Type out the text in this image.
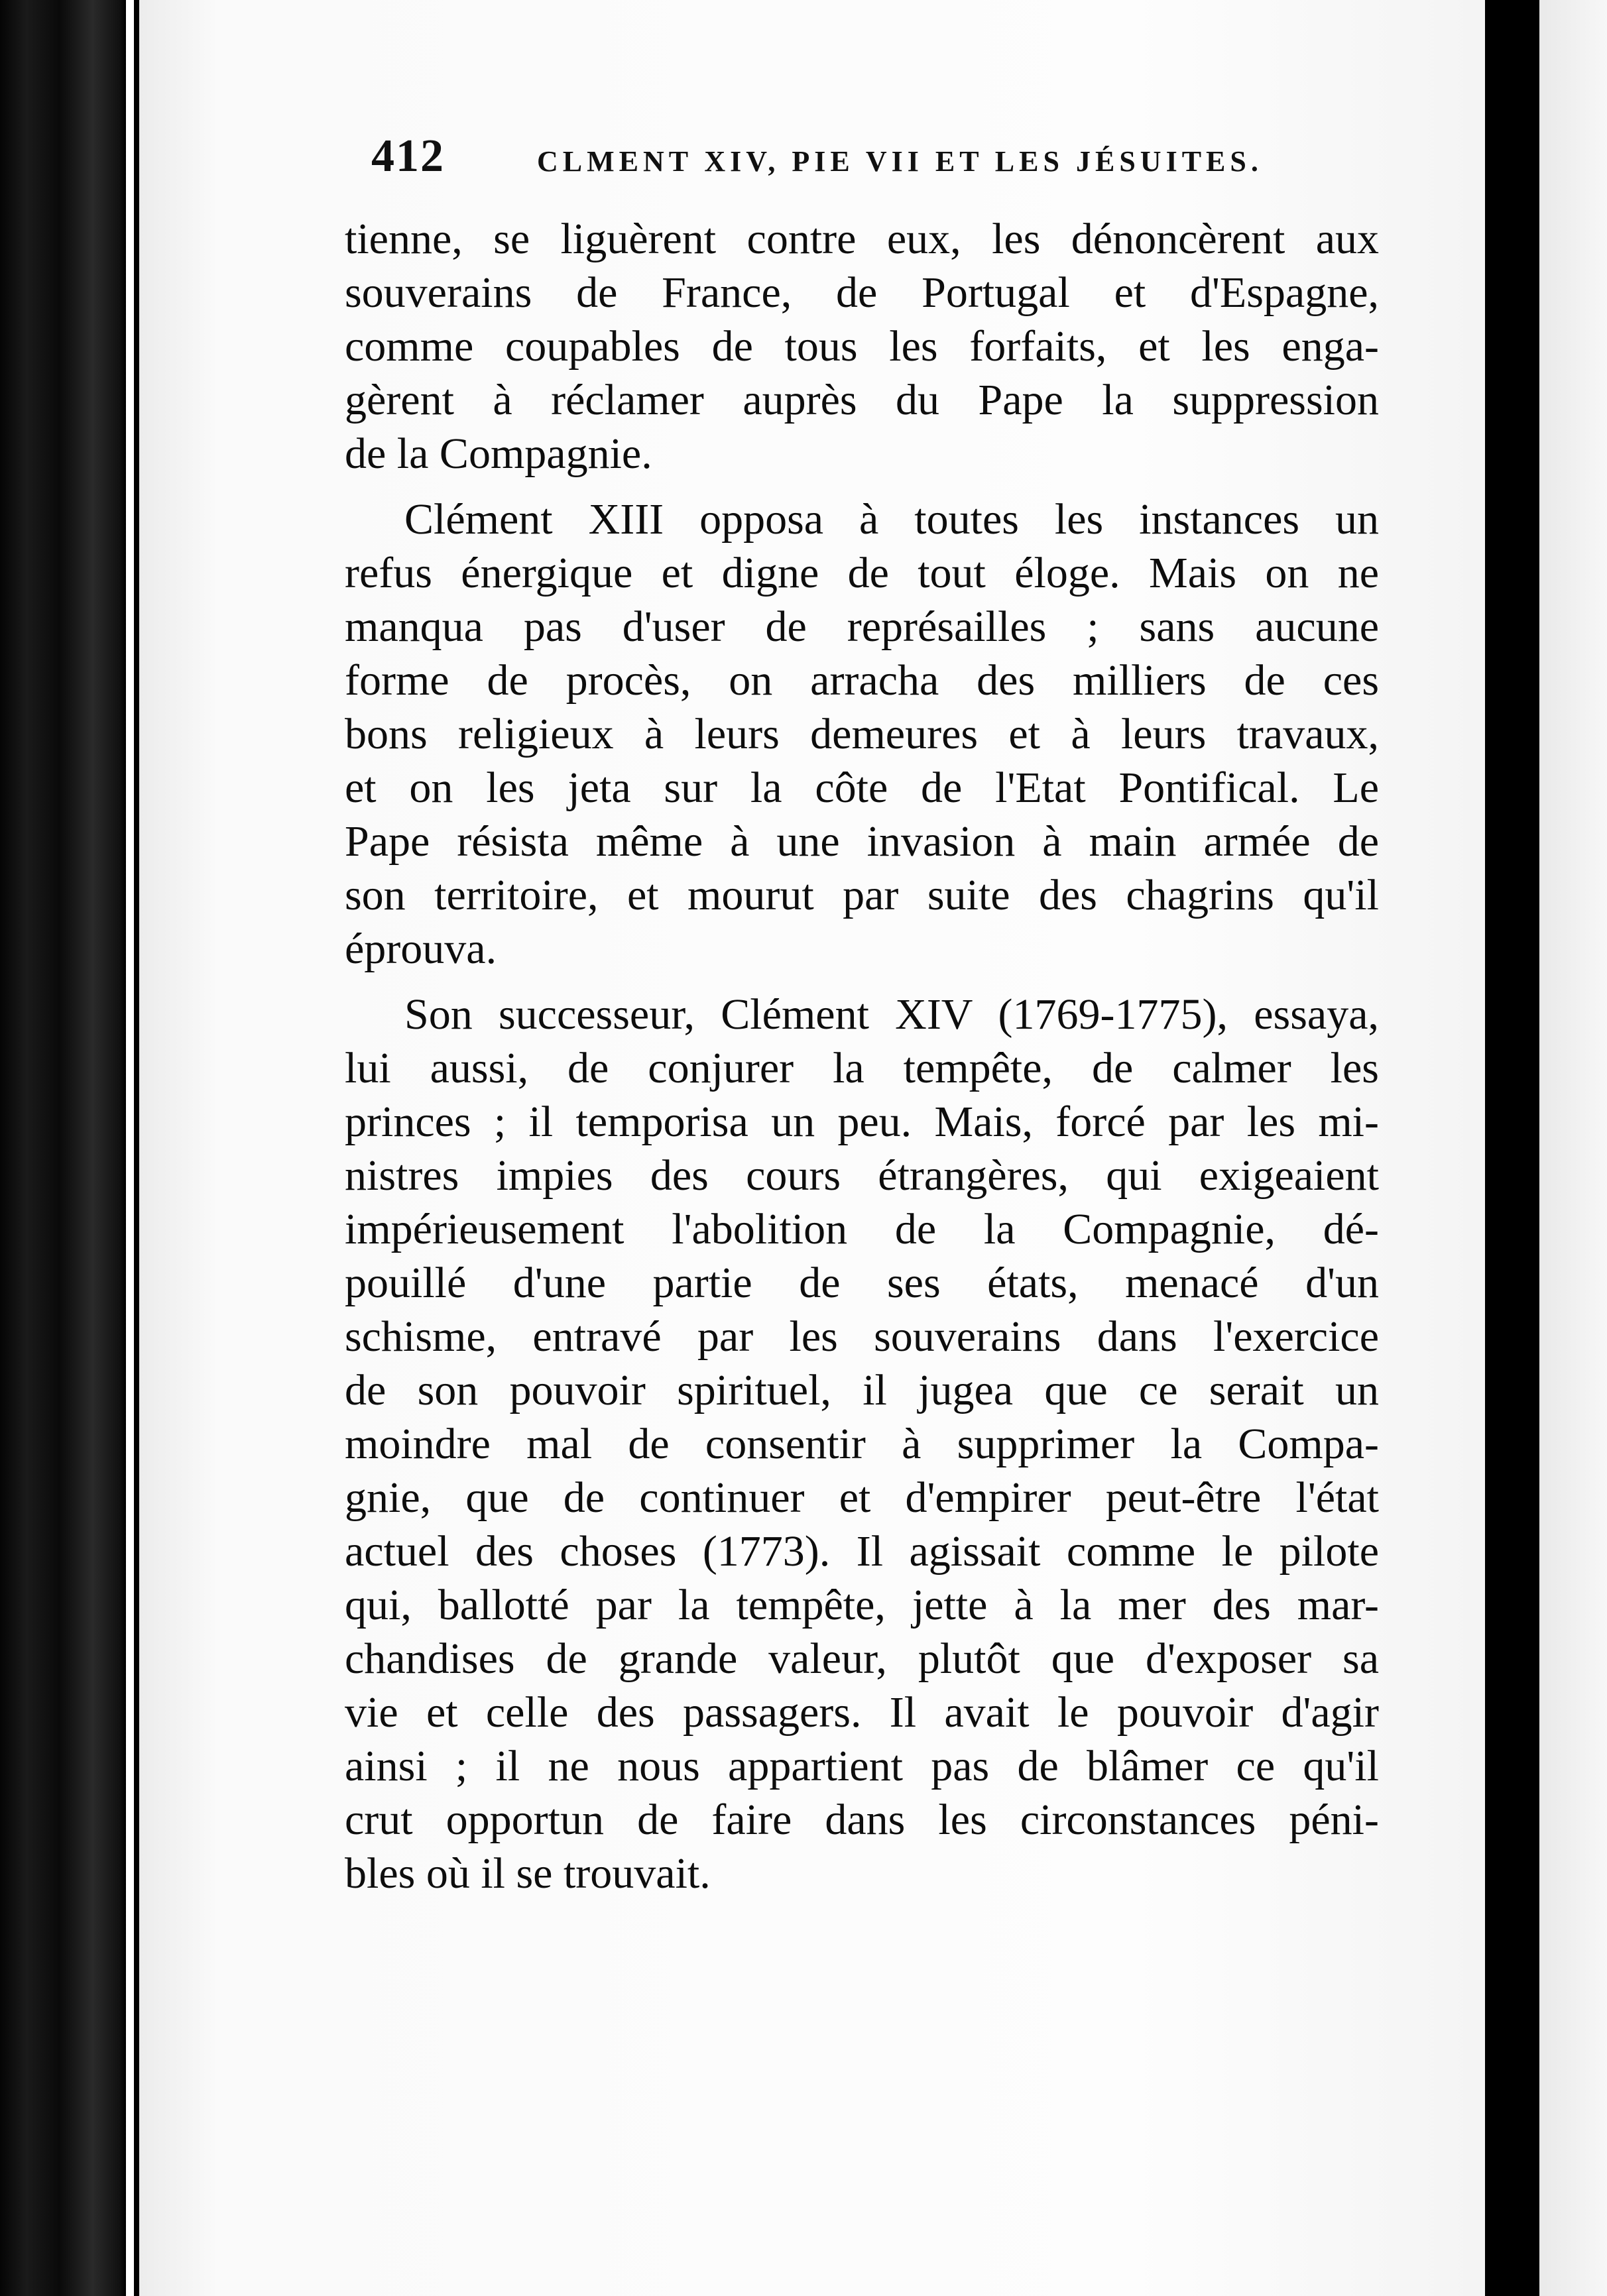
412	CLMENT XIV, PIE VII ET LES JÉSUITES.
tienne, se liguèrent contre eux, les dénoncèrent aux
souverains de France, de Portugal et d'Espagne,
comme coupables de tous les forfaits, et les enga-
gèrent à réclamer auprès du Pape la suppression
de la Compagnie.
Clément XIII opposa à toutes les instances un
refus énergique et digne de tout éloge. Mais on ne
manqua pas d'user de représailles ; sans aucune
forme de procès, on arracha des milliers de ces
bons religieux à leurs demeures et à leurs travaux,
et on les jeta sur la côte de l'Etat Pontifical. Le
Pape résista même à une invasion à main armée de
son territoire, et mourut par suite des chagrins qu'il
éprouva.
Son successeur, Clément XIV (1769-1775), essaya,
lui aussi, de conjurer la tempête, de calmer les
princes ; il temporisa un peu. Mais, forcé par les mi-
nistres impies des cours étrangères, qui exigeaient
impérieusement l'abolition de la Compagnie, dé-
pouillé d'une partie de ses états, menacé d'un
schisme, entravé par les souverains dans l'exercice
de son pouvoir spirituel, il jugea que ce serait un
moindre mal de consentir à supprimer la Compa-
gnie, que de continuer et d'empirer peut-être l'état
actuel des choses (1773). Il agissait comme le pilote
qui, ballotté par la tempête, jette à la mer des mar-
chandises de grande valeur, plutôt que d'exposer sa
vie et celle des passagers. Il avait le pouvoir d'agir
ainsi ; il ne nous appartient pas de blâmer ce qu'il
crut opportun de faire dans les circonstances péni-
bles où il se trouvait.
